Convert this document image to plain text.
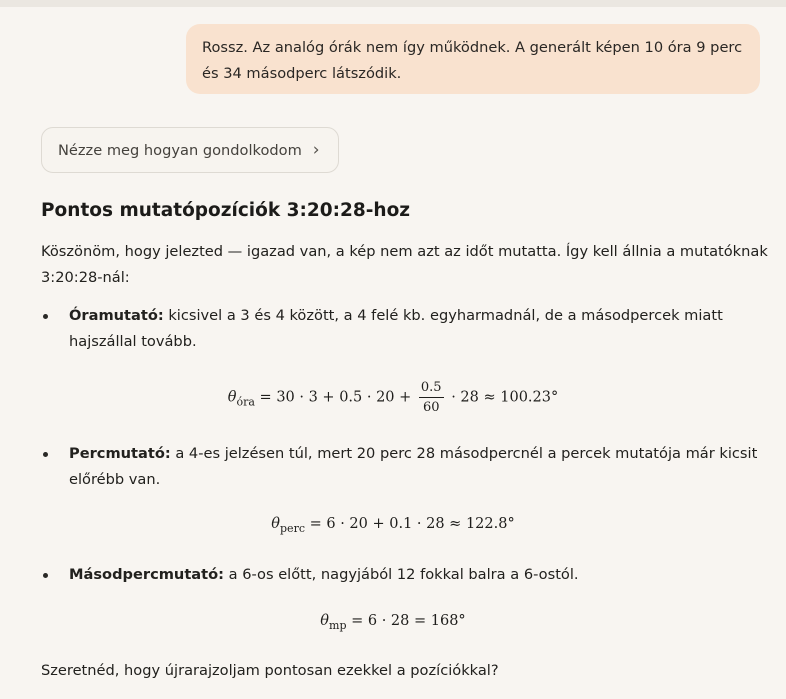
Rossz. Az analóg órák nem így működnek. A generált képen 10 óra 9 perc
és 34 másodperc látszódik.
Nézze meg hogyan gondolkodom ›
Pontos mutatópozíciók 3:20:28-hoz
Köszönöm, hogy jelezted — igazad van, a kép nem azt az időt mutatta. Így kell állnia a mutatóknak
3:20:28-nál:
Óramutató: kicsivel a 3 és 4 között, a 4 felé kb. egyharmadnál, de a másodpercek miatt
hajszállal tovább.
$\theta_{óra} = 30 \cdot 3 + 0.5 \cdot 20 + \frac{0.5}{60} \cdot 28 \approx 100.23^\circ$
Percmutató: a 4-es jelzésen túl, mert 20 perc 28 másodpercnél a percek mutatója már kicsit
előrébb van.
$\theta_{perc} = 6 \cdot 20 + 0.1 \cdot 28 \approx 122.8^\circ$
Másodpercmutató: a 6-os előtt, nagyjából 12 fokkal balra a 6-ostól.
$\theta_{mp} = 6 \cdot 28 = 168^\circ$
Szeretnéd, hogy újrarajzoljam pontosan ezekkel a pozíciókkal?
